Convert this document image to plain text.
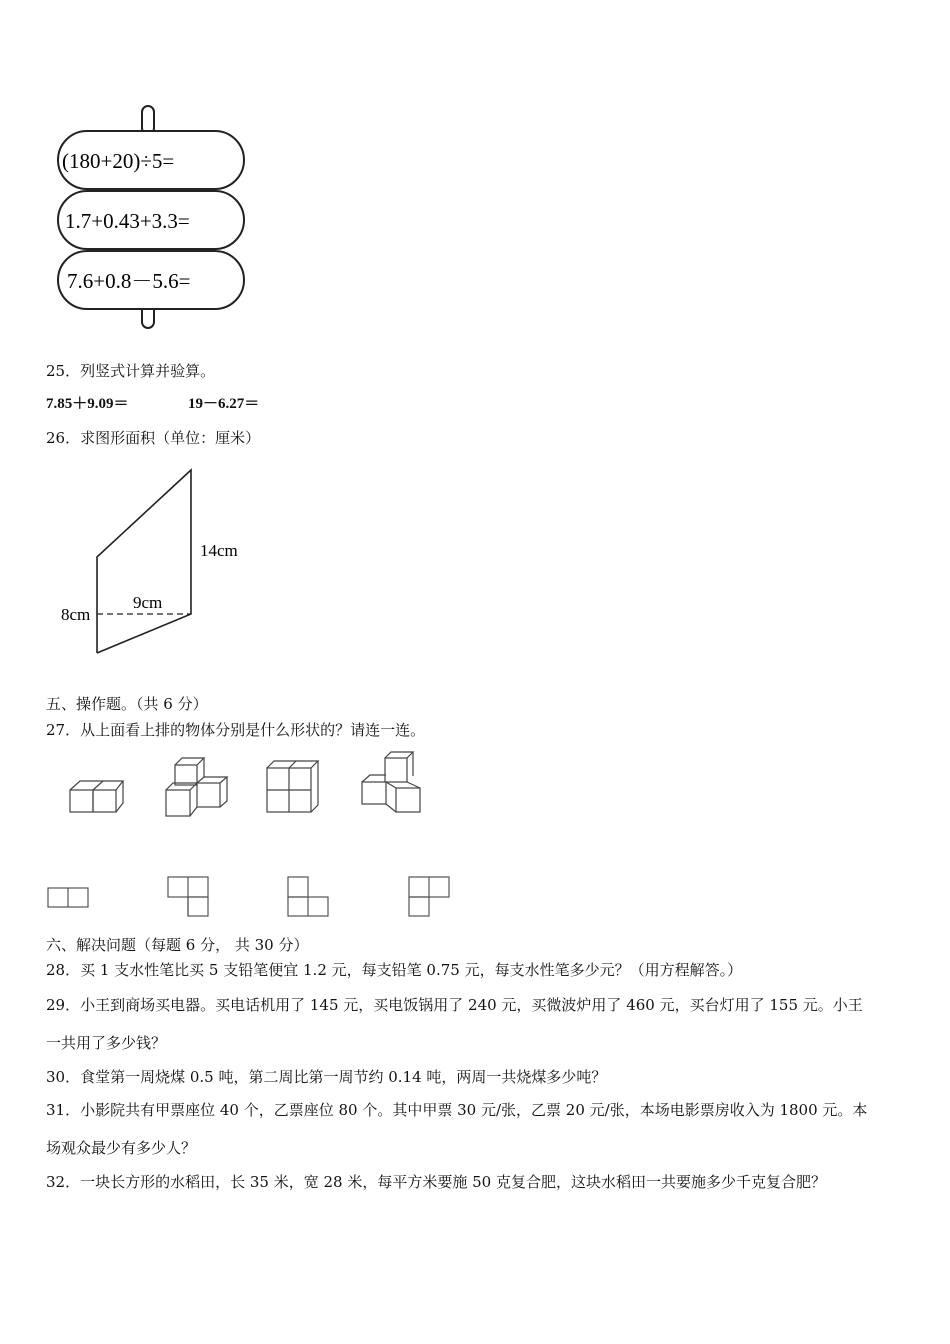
(180+20)÷5=
1.7+0.43+3.3=
7.6+0.8－5.6=
25．列竖式计算并验算。
7.85＋9.09＝	19－6.27＝
26．求图形面积（单位：厘米）
14cm
9cm
8cm
五、操作题。（共 6 分）
27．从上面看上排的物体分别是什么形状的？请连一连。
六、解决问题（每题 6 分， 共 30 分）
28．买 1 支水性笔比买 5 支铅笔便宜 1.2 元，每支铅笔 0.75 元，每支水性笔多少元？（用方程解答。）
29．小王到商场买电器。买电话机用了 145 元，买电饭锅用了 240 元，买微波炉用了 460 元，买台灯用了 155 元。小王
一共用了多少钱？
30．食堂第一周烧煤 0.5 吨，第二周比第一周节约 0.14 吨，两周一共烧煤多少吨？
31．小影院共有甲票座位 40 个，乙票座位 80 个。其中甲票 30 元/张，乙票 20 元/张，本场电影票房收入为 1800 元。本
场观众最少有多少人？
32．一块长方形的水稻田，长 35 米，宽 28 米，每平方米要施 50 克复合肥，这块水稻田一共要施多少千克复合肥？
